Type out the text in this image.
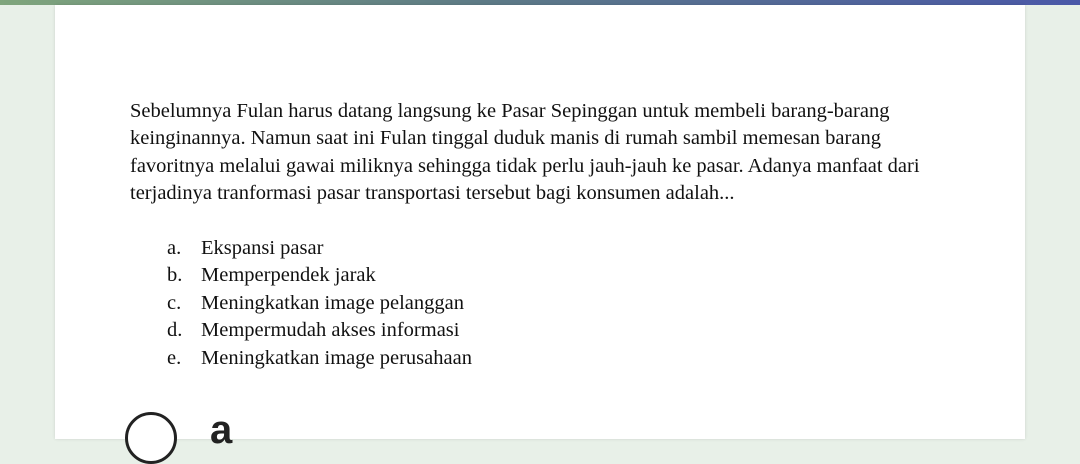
Sebelumnya Fulan harus datang langsung ke Pasar Sepinggan untuk membeli barang-barang keinginannya. Namun saat ini Fulan tinggal duduk manis di rumah sambil memesan barang favoritnya melalui gawai miliknya sehingga tidak perlu jauh-jauh ke pasar. Adanya manfaat dari terjadinya tranformasi pasar transportasi tersebut bagi konsumen adalah...

a. Ekspansi pasar
b. Memperpendek jarak
c. Meningkatkan image pelanggan
d. Mempermudah akses informasi
e. Meningkatkan image perusahaan
a
